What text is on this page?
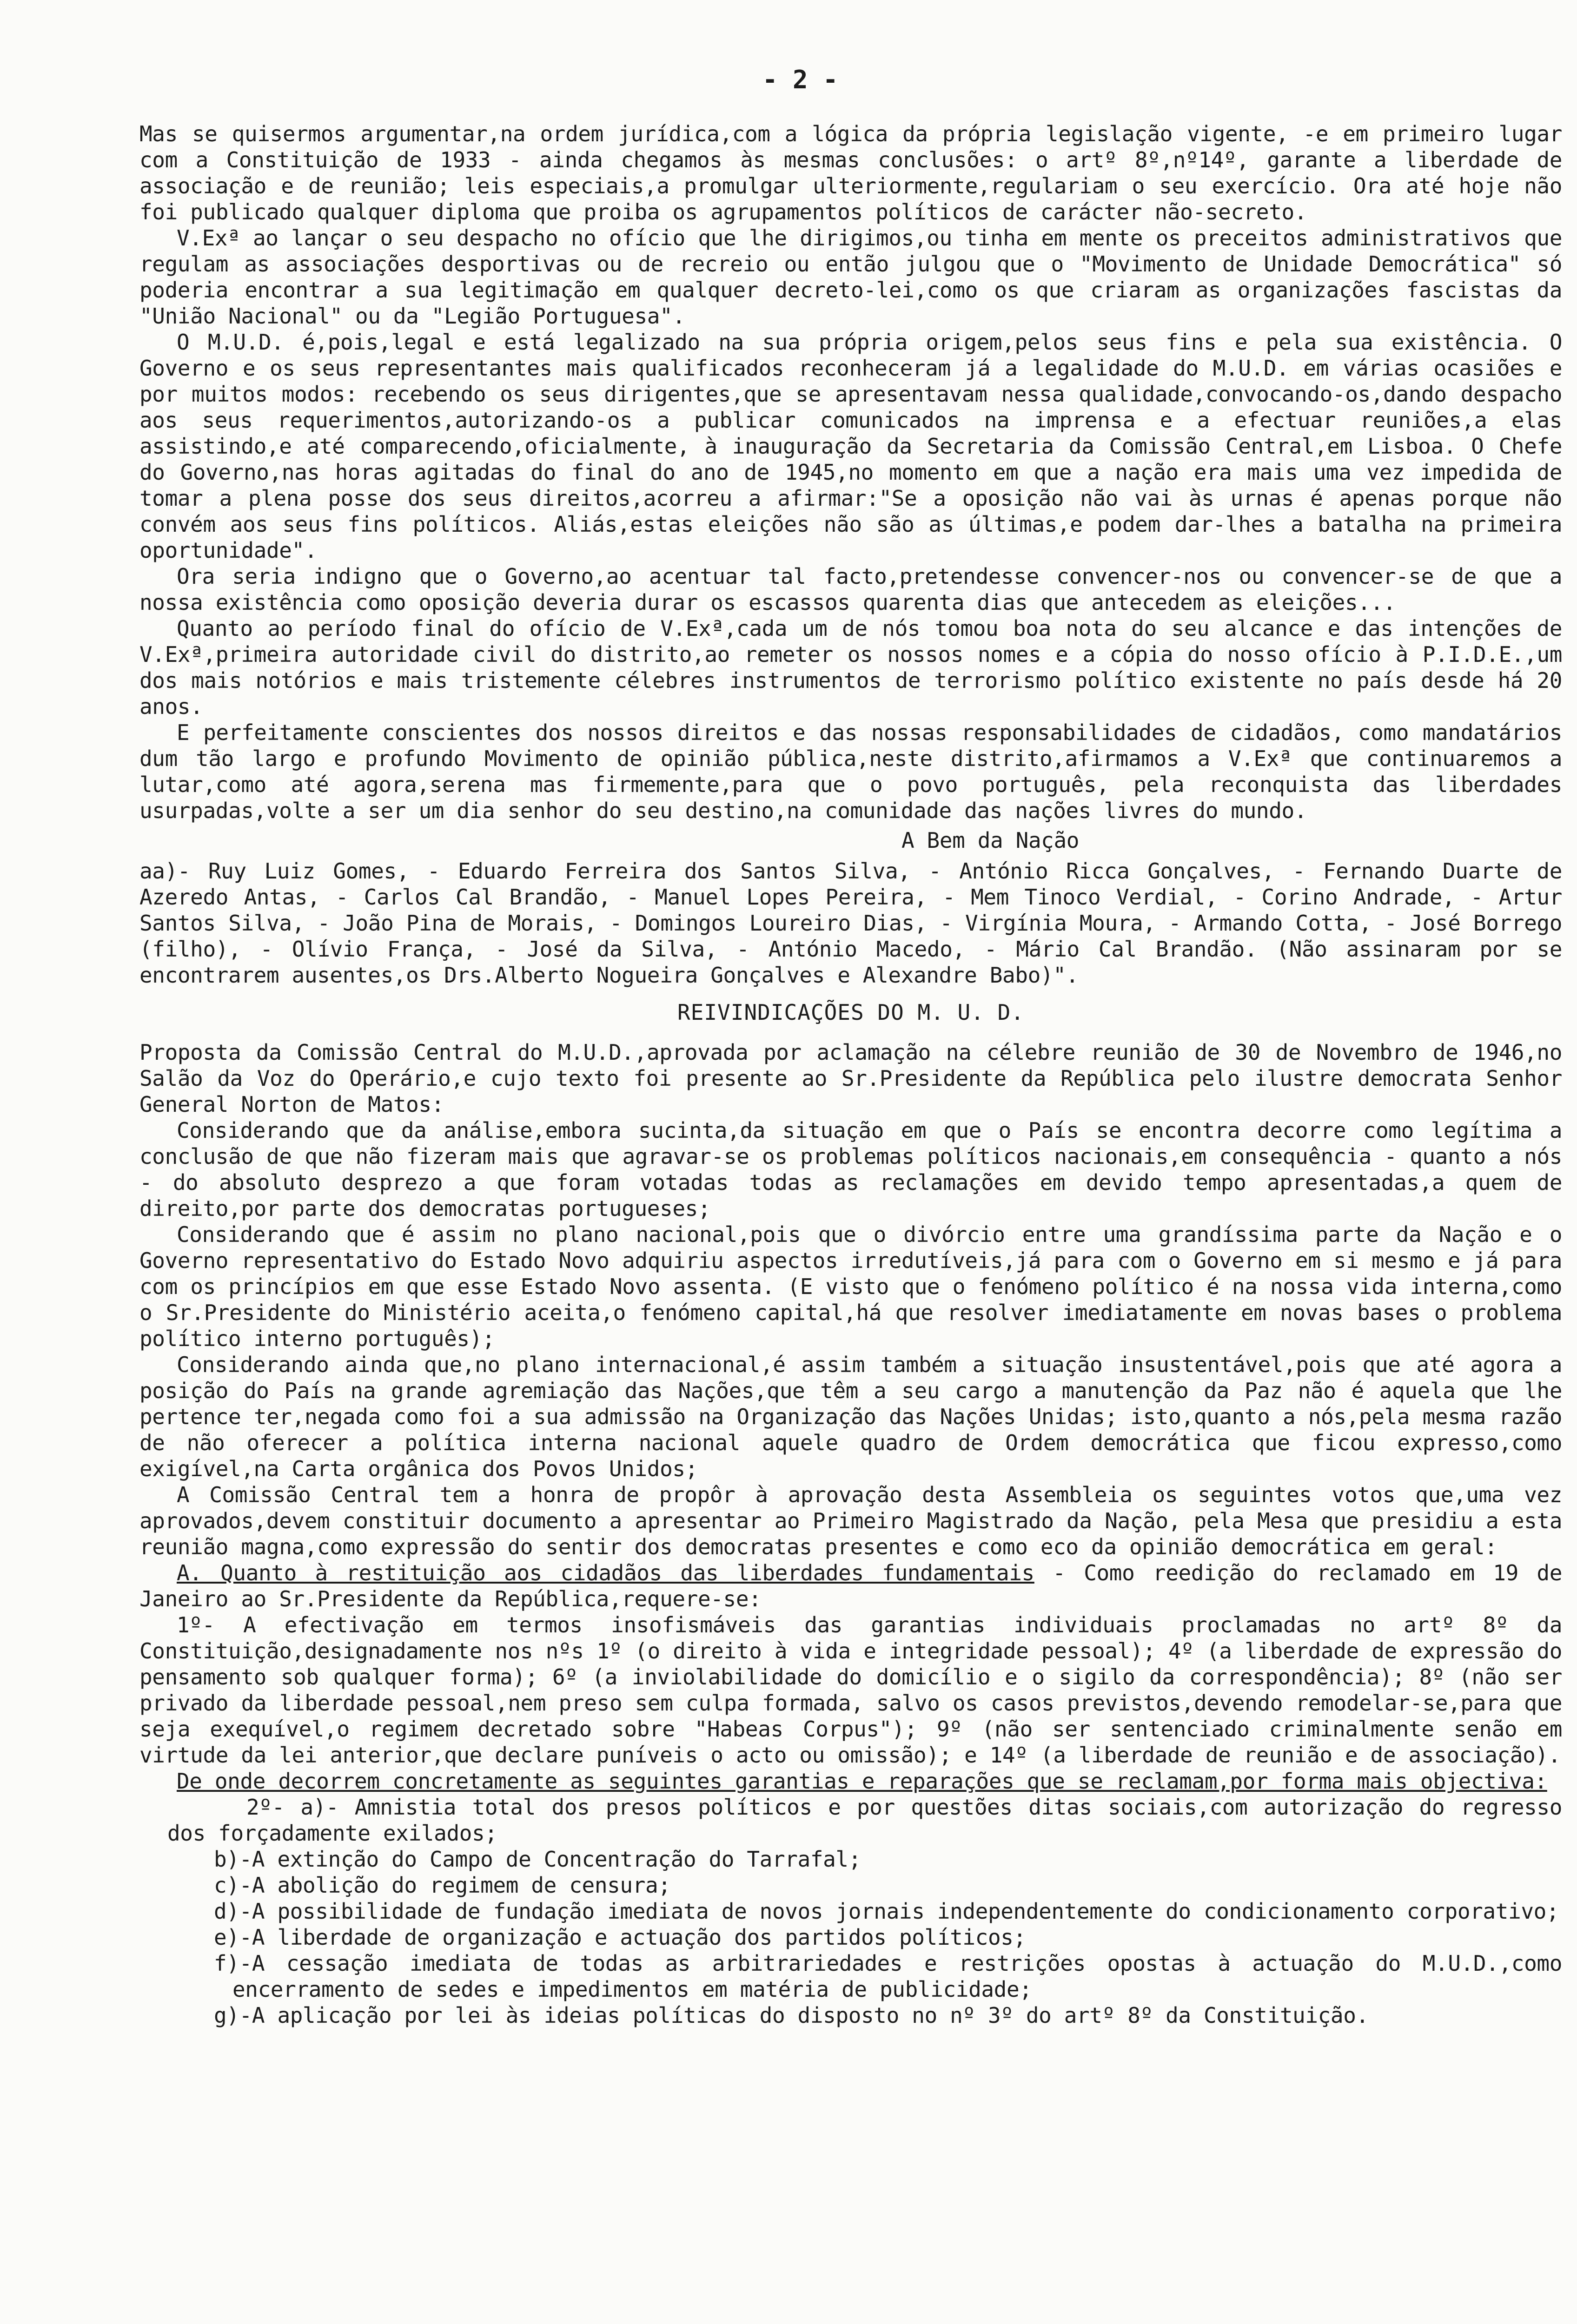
- 2 -

Mas se quisermos argumentar,na ordem jurídica,com a lógica da própria legislação vigente, -e em primeiro lugar com a Constituição de 1933 - ainda chegamos às mesmas conclusões: o artº 8º,nº14º, garante a liberdade de associação e de reunião; leis especiais,a promulgar ulteriormente,regulariam o seu exercício. Ora até hoje não foi publicado qualquer diploma que proiba os agrupamentos políticos de carácter não-secreto.

V.Exª ao lançar o seu despacho no ofício que lhe dirigimos,ou tinha em mente os preceitos administrativos que regulam as associações desportivas ou de recreio ou então julgou que o "Movimento de Unidade Democrática" só poderia encontrar a sua legitimação em qualquer decreto-lei,como os que criaram as organizações fascistas da "União Nacional" ou da "Legião Portuguesa".

O M.U.D. é,pois,legal e está legalizado na sua própria origem,pelos seus fins e pela sua existência. O Governo e os seus representantes mais qualificados reconheceram já a legalidade do M.U.D. em várias ocasiões e por muitos modos: recebendo os seus dirigentes,que se apresentavam nessa qualidade,convocando-os,dando despacho aos seus requerimentos,autorizando-os a publicar comunicados na imprensa e a efectuar reuniões,a elas assistindo,e até comparecendo,oficialmente, à inauguração da Secretaria da Comissão Central,em Lisboa. O Chefe do Governo,nas horas agitadas do final do ano de 1945,no momento em que a nação era mais uma vez impedida de tomar a plena posse dos seus direitos,acorreu a afirmar:"Se a oposição não vai às urnas é apenas porque não convém aos seus fins políticos. Aliás,estas eleições não são as últimas,e podem dar-lhes a batalha na primeira oportunidade".

Ora seria indigno que o Governo,ao acentuar tal facto,pretendesse convencer-nos ou convencer-se de que a nossa existência como oposição deveria durar os escassos quarenta dias que antecedem as eleições...

Quanto ao período final do ofício de V.Exª,cada um de nós tomou boa nota do seu alcance e das intenções de V.Exª,primeira autoridade civil do distrito,ao remeter os nossos nomes e a cópia do nosso ofício à P.I.D.E.,um dos mais notórios e mais tristemente célebres instrumentos de terrorismo político existente no país desde há 20 anos.

E perfeitamente conscientes dos nossos direitos e das nossas responsabilidades de cidadãos, como mandatários dum tão largo e profundo Movimento de opinião pública,neste distrito,afirmamos a V.Exª que continuaremos a lutar,como até agora,serena mas firmemente,para que o povo português, pela reconquista das liberdades usurpadas,volte a ser um dia senhor do seu destino,na comunidade das nações livres do mundo.

A Bem da Nação

aa)- Ruy Luiz Gomes, - Eduardo Ferreira dos Santos Silva, - António Ricca Gonçalves, - Fernando Duarte de Azeredo Antas, - Carlos Cal Brandão, - Manuel Lopes Pereira, - Mem Tinoco Verdial, - Corino Andrade, - Artur Santos Silva, - João Pina de Morais, - Domingos Loureiro Dias, - Virgínia Moura, - Armando Cotta, - José Borrego (filho), - Olívio França, - José da Silva, - António Macedo, - Mário Cal Brandão. (Não assinaram por se encontrarem ausentes,os Drs.Alberto Nogueira Gonçalves e Alexandre Babo)".

REIVINDICAÇÕES DO M. U. D.

Proposta da Comissão Central do M.U.D.,aprovada por aclamação na célebre reunião de 30 de Novembro de 1946,no Salão da Voz do Operário,e cujo texto foi presente ao Sr.Presidente da República pelo ilustre democrata Senhor General Norton de Matos:

Considerando que da análise,embora sucinta,da situação em que o País se encontra decorre como legítima a conclusão de que não fizeram mais que agravar-se os problemas políticos nacionais,em consequência - quanto a nós - do absoluto desprezo a que foram votadas todas as reclamações em devido tempo apresentadas,a quem de direito,por parte dos democratas portugueses;

Considerando que é assim no plano nacional,pois que o divórcio entre uma grandíssima parte da Nação e o Governo representativo do Estado Novo adquiriu aspectos irredutíveis,já para com o Governo em si mesmo e já para com os princípios em que esse Estado Novo assenta. (E visto que o fenómeno político é na nossa vida interna,como o Sr.Presidente do Ministério aceita,o fenómeno capital,há que resolver imediatamente em novas bases o problema político interno português);

Considerando ainda que,no plano internacional,é assim também a situação insustentável,pois que até agora a posição do País na grande agremiação das Nações,que têm a seu cargo a manutenção da Paz não é aquela que lhe pertence ter,negada como foi a sua admissão na Organização das Nações Unidas; isto,quanto a nós,pela mesma razão de não oferecer a política interna nacional aquele quadro de Ordem democrática que ficou expresso,como exigível,na Carta orgânica dos Povos Unidos;

A Comissão Central tem a honra de propôr à aprovação desta Assembleia os seguintes votos que,uma vez aprovados,devem constituir documento a apresentar ao Primeiro Magistrado da Nação, pela Mesa que presidiu a esta reunião magna,como expressão do sentir dos democratas presentes e como eco da opinião democrática em geral:

A. Quanto à restituição aos cidadãos das liberdades fundamentais - Como reedição do reclamado em 19 de Janeiro ao Sr.Presidente da República,requere-se:

1º- A efectivação em termos insofismáveis das garantias individuais proclamadas no artº 8º da Constituição,designadamente nos nºs 1º (o direito à vida e integridade pessoal); 4º (a liberdade de expressão do pensamento sob qualquer forma); 6º (a inviolabilidade do domicílio e o sigilo da correspondência); 8º (não ser privado da liberdade pessoal,nem preso sem culpa formada, salvo os casos previstos,devendo remodelar-se,para que seja exequível,o regimem decretado sobre "Habeas Corpus"); 9º (não ser sentenciado criminalmente senão em virtude da lei anterior,que declare puníveis o acto ou omissão); e 14º (a liberdade de reunião e de associação).

De onde decorrem concretamente as seguintes garantias e reparações que se reclamam,por forma mais objectiva:

2º- a)- Amnistia total dos presos políticos e por questões ditas sociais,com autorização do regresso dos forçadamente exilados;

b)-A extinção do Campo de Concentração do Tarrafal;

c)-A abolição do regimem de censura;

d)-A possibilidade de fundação imediata de novos jornais independentemente do condicionamento corporativo;

e)-A liberdade de organização e actuação dos partidos políticos;

f)-A cessação imediata de todas as arbitrariedades e restrições opostas à actuação do M.U.D.,como encerramento de sedes e impedimentos em matéria de publicidade;

g)-A aplicação por lei às ideias políticas do disposto no nº 3º do artº 8º da Constituição.
